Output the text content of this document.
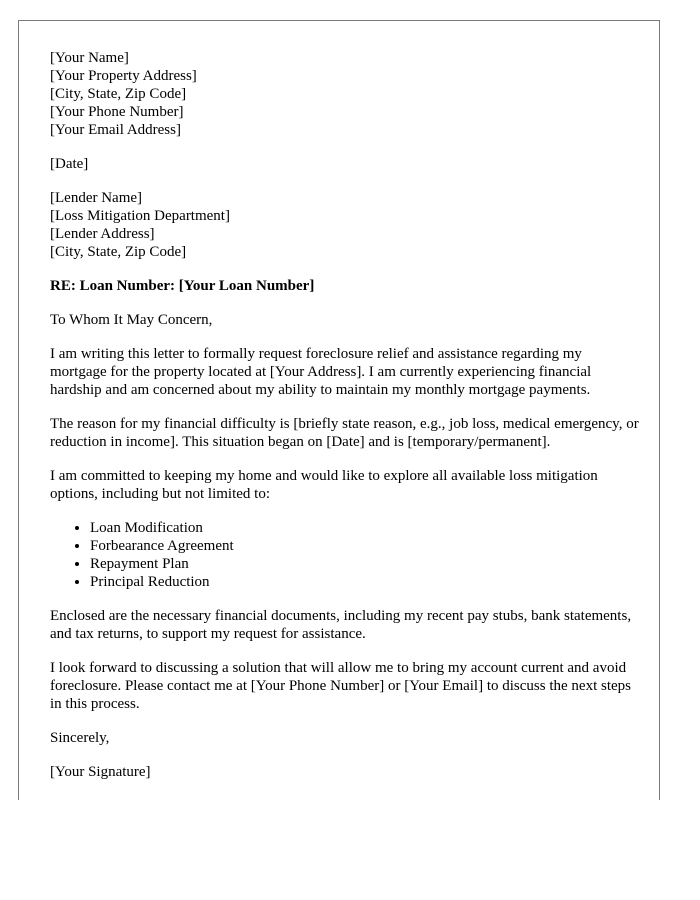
[Your Name]
[Your Property Address]
[City, State, Zip Code]
[Your Phone Number]
[Your Email Address]
[Date]
[Lender Name]
[Loss Mitigation Department]
[Lender Address]
[City, State, Zip Code]

RE: Loan Number: [Your Loan Number]

To Whom It May Concern,

I am writing this letter to formally request foreclosure relief and assistance regarding my mortgage for the property located at [Your Address]. I am currently experiencing financial hardship and am concerned about my ability to maintain my monthly mortgage payments.

The reason for my financial difficulty is [briefly state reason, e.g., job loss, medical emergency, or reduction in income]. This situation began on [Date] and is [temporary/permanent].

I am committed to keeping my home and would like to explore all available loss mitigation options, including but not limited to:

• Loan Modification
• Forbearance Agreement
• Repayment Plan
• Principal Reduction

Enclosed are the necessary financial documents, including my recent pay stubs, bank statements, and tax returns, to support my request for assistance.

I look forward to discussing a solution that will allow me to bring my account current and avoid foreclosure. Please contact me at [Your Phone Number] or [Your Email] to discuss the next steps in this process.

Sincerely,

[Your Signature]
